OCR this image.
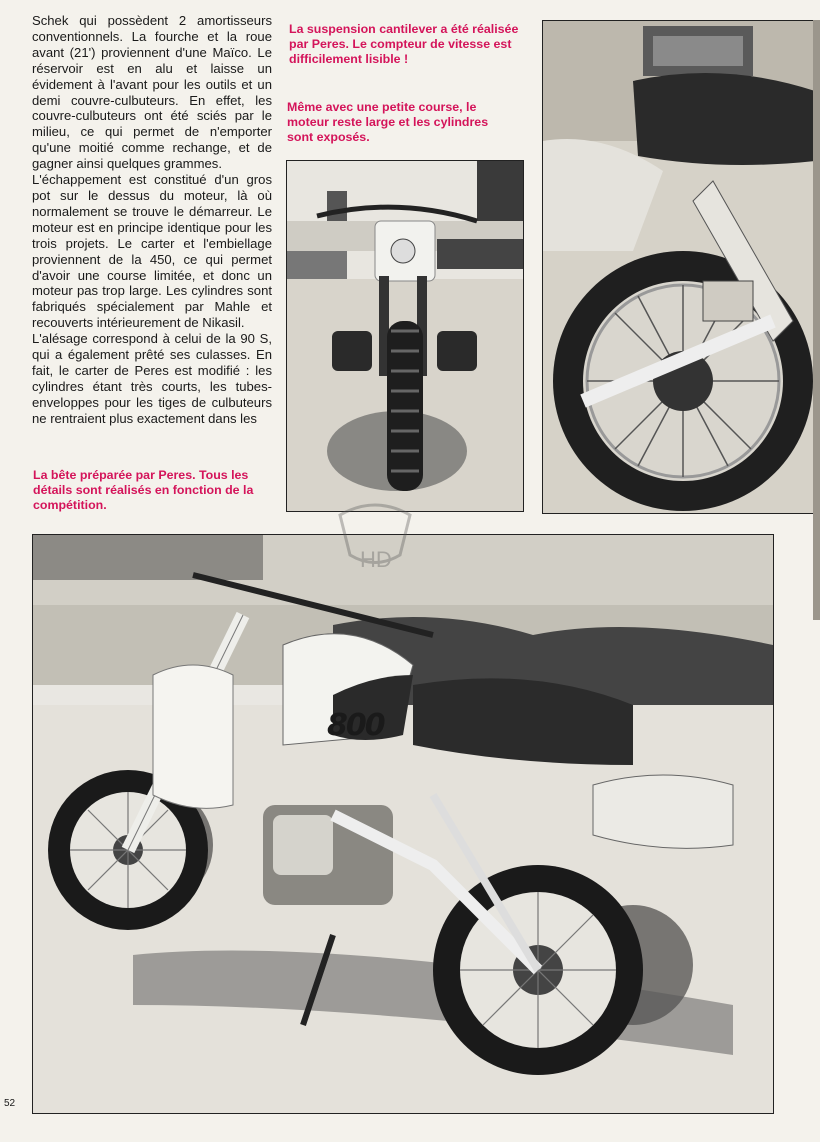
Schek qui possèdent 2 amortisseurs conventionnels. La fourche et la roue avant (21') proviennent d'une Maïco. Le réservoir est en alu et laisse un évidement à l'avant pour les outils et un demi couvre-culbuteurs. En effet, les couvre-culbuteurs ont été sciés par le milieu, ce qui permet de n'emporter qu'une moitié comme rechange, et de gagner ainsi quelques grammes.

L'échappement est constitué d'un gros pot sur le dessus du moteur, là où normalement se trouve le démarreur. Le moteur est en principe identique pour les trois projets. Le carter et l'embiellage proviennent de la 450, ce qui permet d'avoir une course limitée, et donc un moteur pas trop large. Les cylindres sont fabriqués spécialement par Mahle et recouverts intérieurement de Nikasil.

L'alésage correspond à celui de la 90 S, qui a également prêté ses culasses. En fait, le carter de Peres est modifié : les cylindres étant très courts, les tubes-enveloppes pour les tiges de culbuteurs ne rentraient plus exactement dans les

La suspension cantilever a été réalisée par Peres. Le compteur de vitesse est difficilement lisible !

Même avec une petite course, le moteur reste large et les cylindres sont exposés.

La bête préparée par Peres. Tous les détails sont réalisés en fonction de la compétition.

800
HD
52
